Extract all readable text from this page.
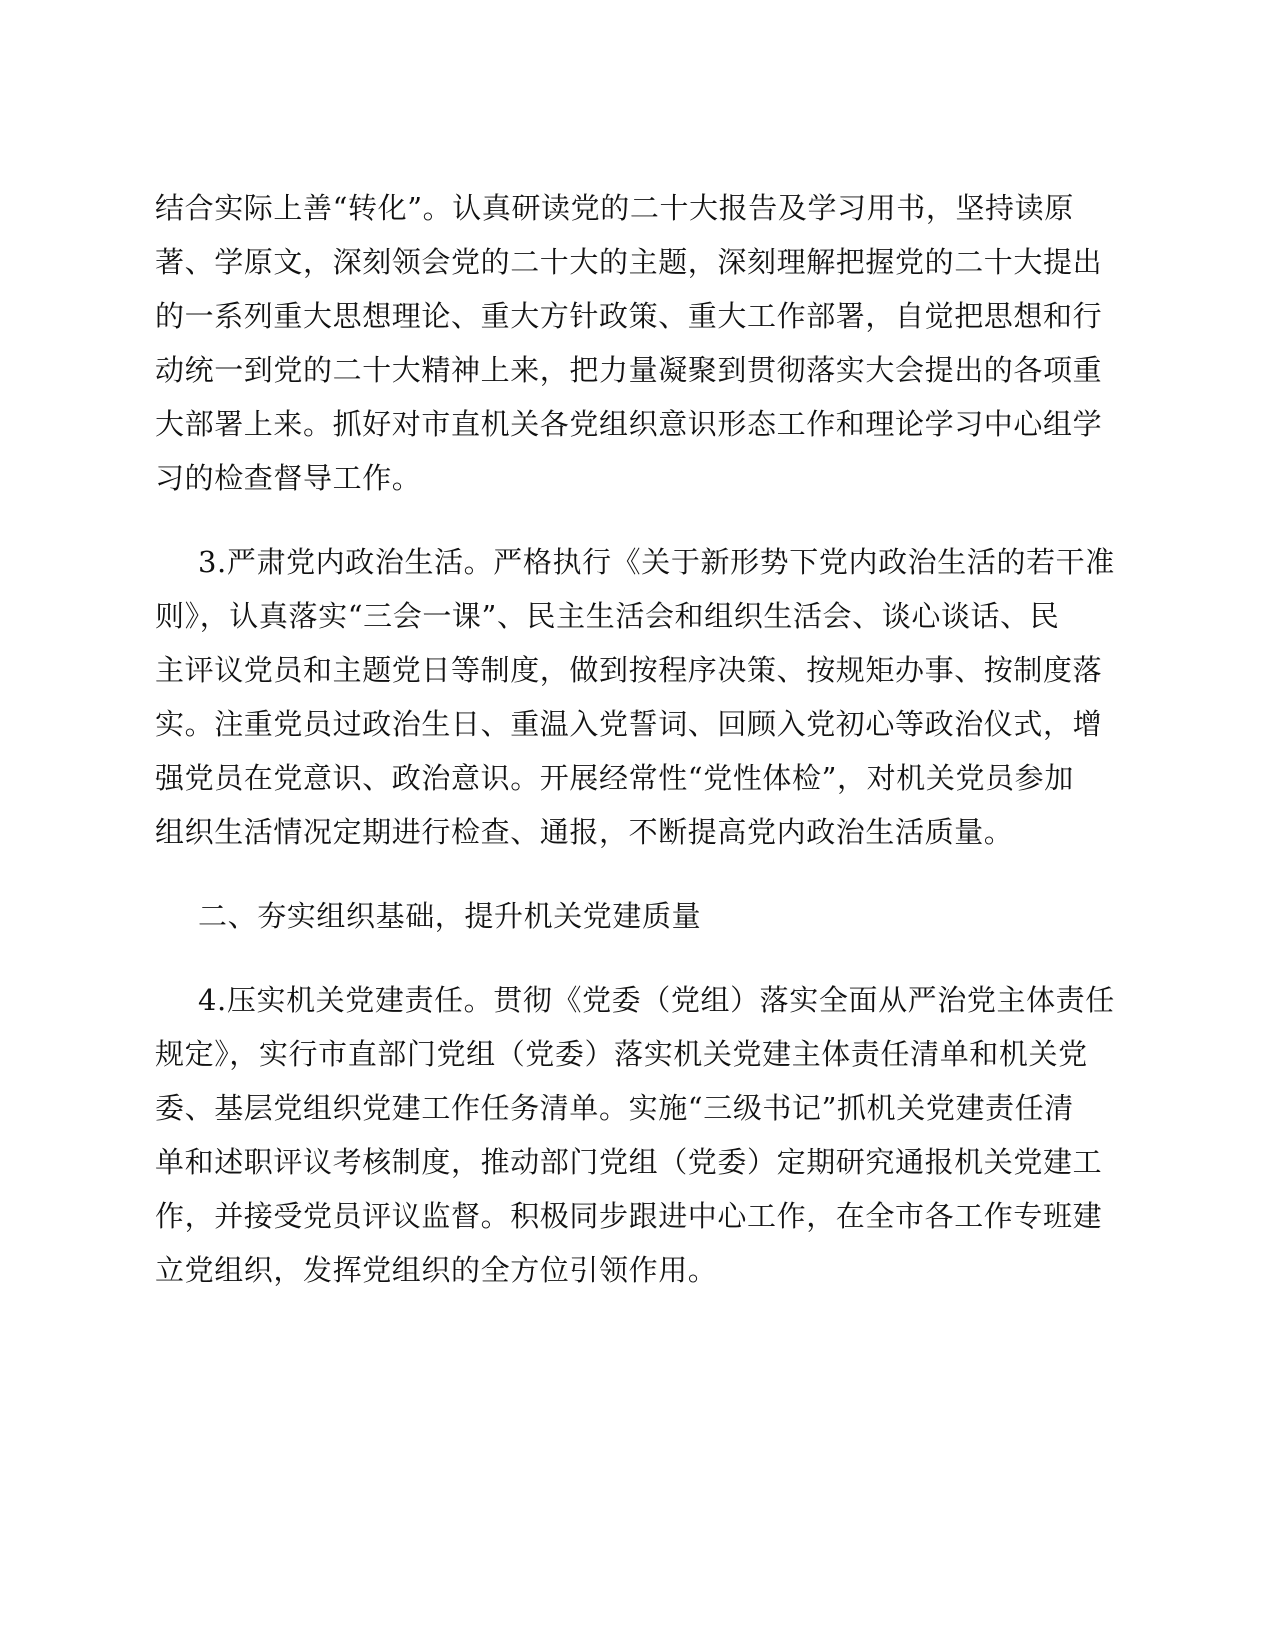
结合实际上善“转化”。认真研读党的二十大报告及学习用书，坚持读原
著、学原文，深刻领会党的二十大的主题，深刻理解把握党的二十大提出
的一系列重大思想理论、重大方针政策、重大工作部署，自觉把思想和行
动统一到党的二十大精神上来，把力量凝聚到贯彻落实大会提出的各项重
大部署上来。抓好对市直机关各党组织意识形态工作和理论学习中心组学
习的检查督导工作。
3.严肃党内政治生活。严格执行《关于新形势下党内政治生活的若干准
则》，认真落实“三会一课”、民主生活会和组织生活会、谈心谈话、民
主评议党员和主题党日等制度，做到按程序决策、按规矩办事、按制度落
实。注重党员过政治生日、重温入党誓词、回顾入党初心等政治仪式，增
强党员在党意识、政治意识。开展经常性“党性体检”，对机关党员参加
组织生活情况定期进行检查、通报，不断提高党内政治生活质量。
二、夯实组织基础，提升机关党建质量
4.压实机关党建责任。贯彻《党委（党组）落实全面从严治党主体责任
规定》，实行市直部门党组（党委）落实机关党建主体责任清单和机关党
委、基层党组织党建工作任务清单。实施“三级书记”抓机关党建责任清
单和述职评议考核制度，推动部门党组（党委）定期研究通报机关党建工
作，并接受党员评议监督。积极同步跟进中心工作，在全市各工作专班建
立党组织，发挥党组织的全方位引领作用。
